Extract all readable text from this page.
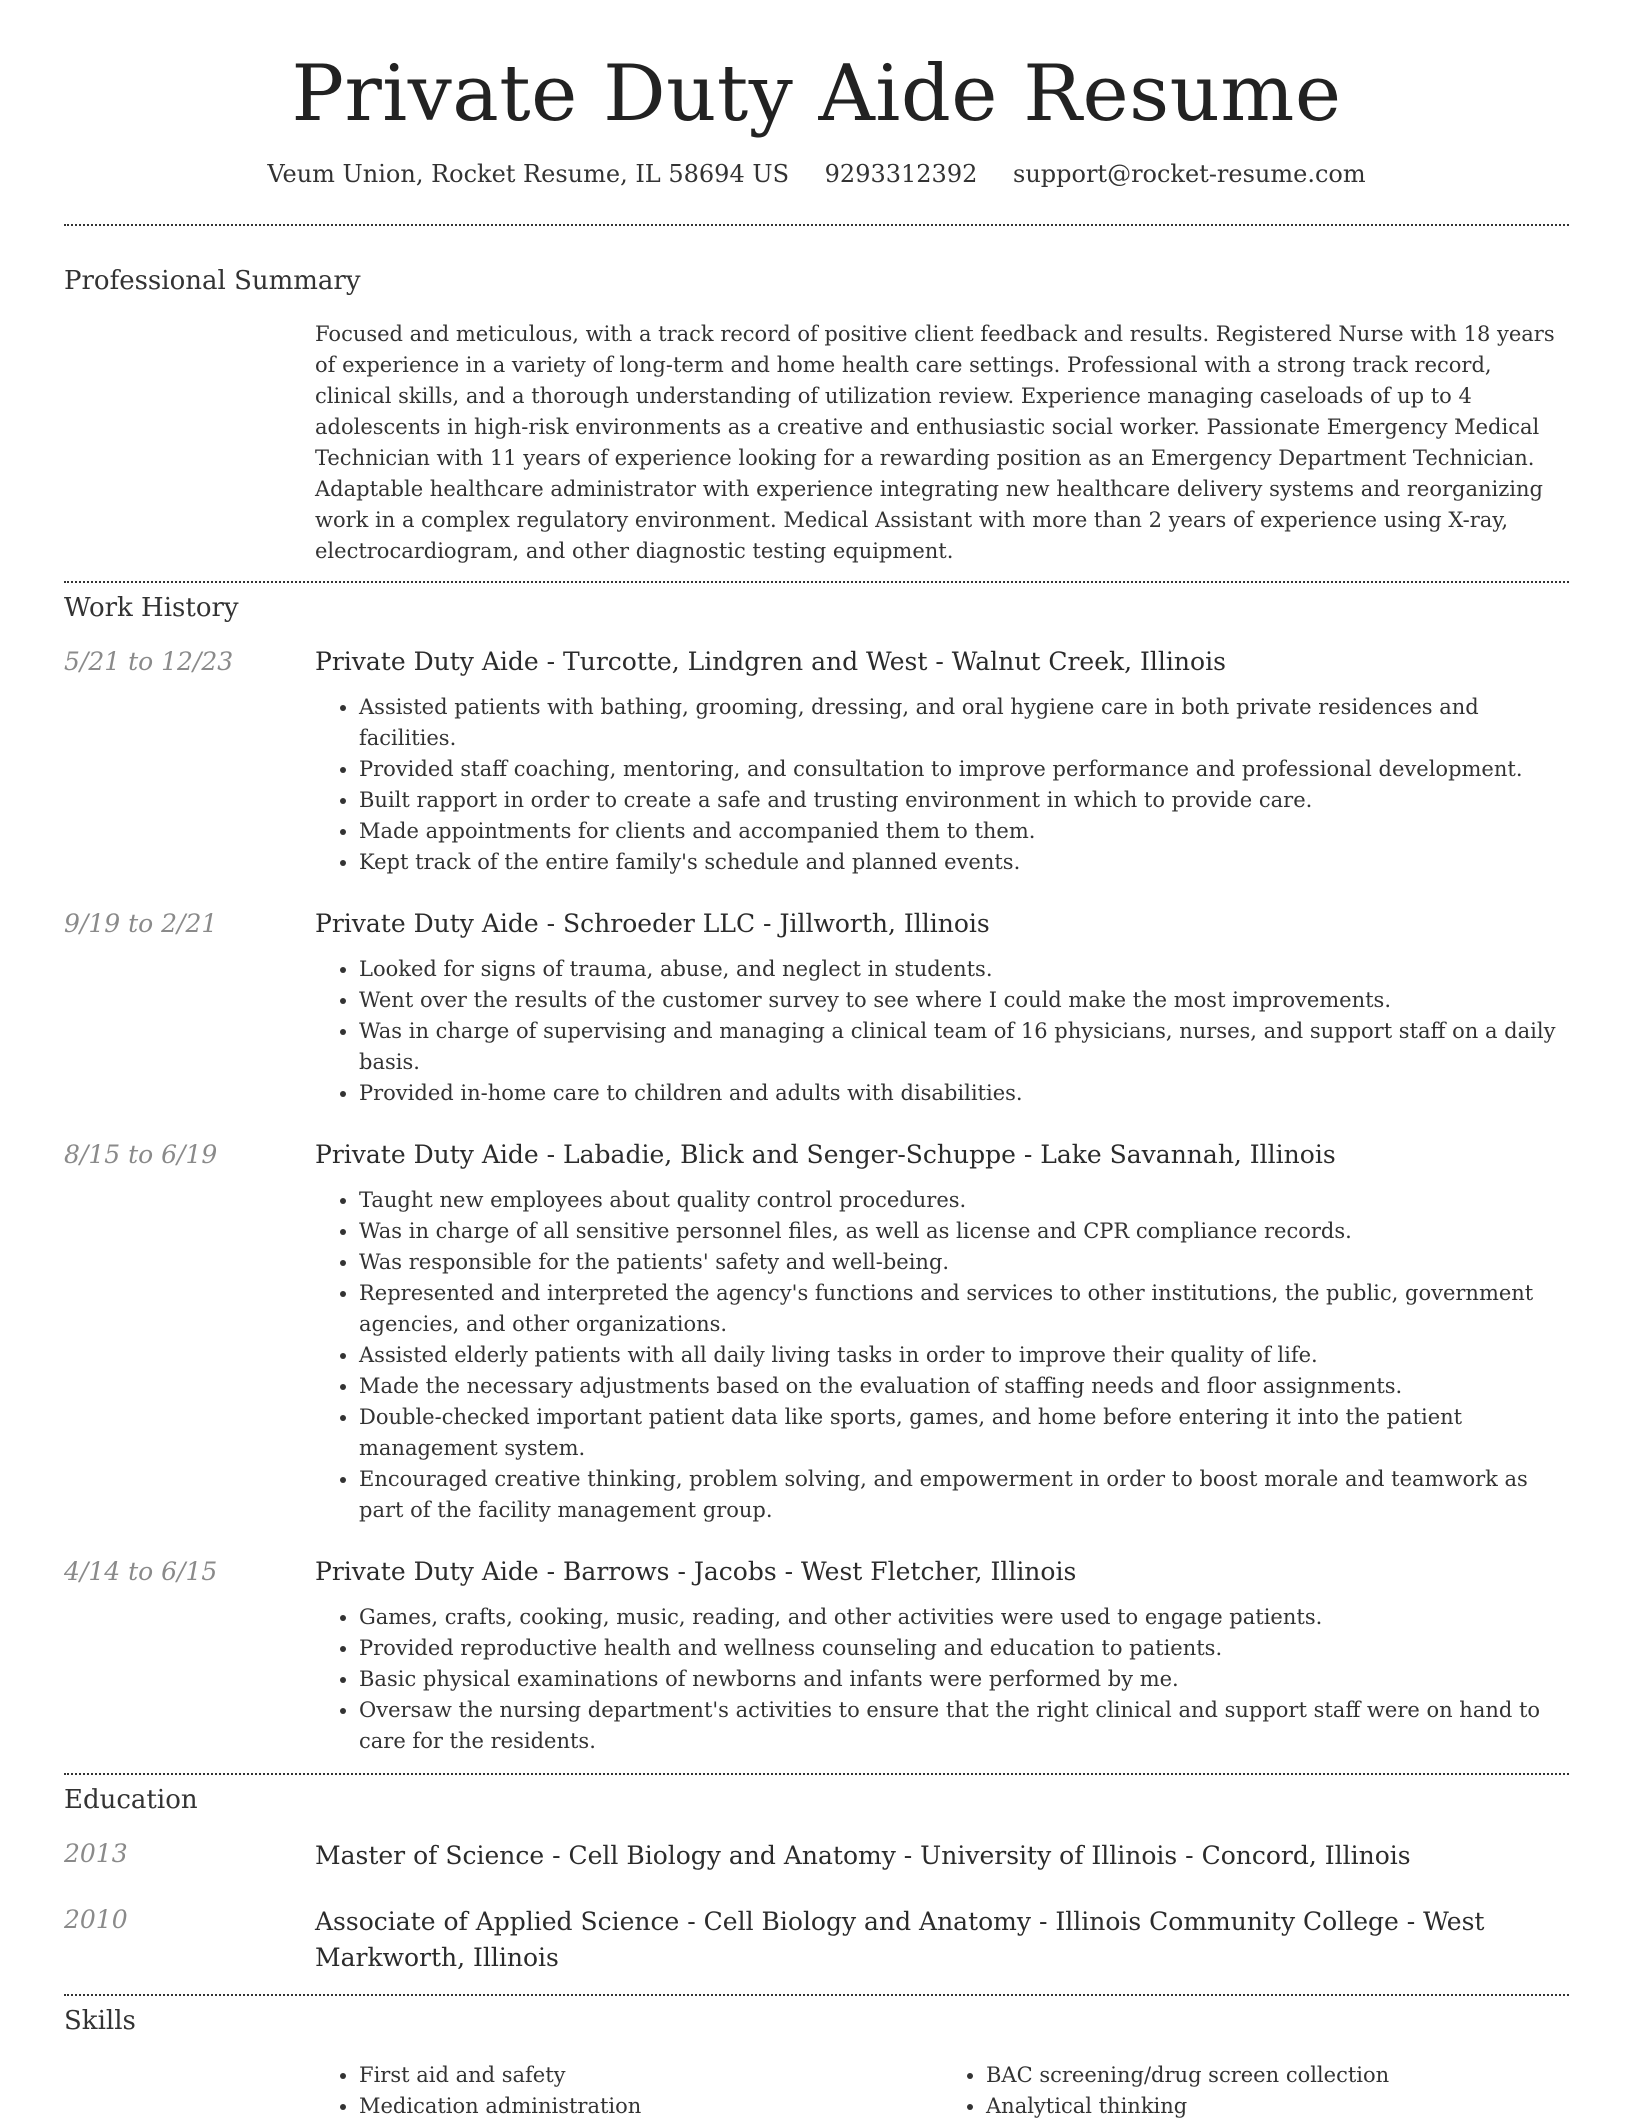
Private Duty Aide Resume
Veum Union, Rocket Resume, IL 58694 US 9293312392 support@rocket-resume.com
Professional Summary

Focused and meticulous, with a track record of positive client feedback and results. Registered Nurse with 18 years of experience in a variety of long-term and home health care settings. Professional with a strong track record, clinical skills, and a thorough understanding of utilization review. Experience managing caseloads of up to 4 adolescents in high-risk environments as a creative and enthusiastic social worker. Passionate Emergency Medical Technician with 11 years of experience looking for a rewarding position as an Emergency Department Technician. Adaptable healthcare administrator with experience integrating new healthcare delivery systems and reorganizing work in a complex regulatory environment. Medical Assistant with more than 2 years of experience using X-ray, electrocardiogram, and other diagnostic testing equipment.

Work History
5/21 to 12/23	Private Duty Aide - Turcotte, Lindgren and West - Walnut Creek, Illinois
• Assisted patients with bathing, grooming, dressing, and oral hygiene care in both private residences and facilities.
• Provided staff coaching, mentoring, and consultation to improve performance and professional development.
• Built rapport in order to create a safe and trusting environment in which to provide care.
• Made appointments for clients and accompanied them to them.
• Kept track of the entire family's schedule and planned events.
9/19 to 2/21	Private Duty Aide - Schroeder LLC - Jillworth, Illinois
• Looked for signs of trauma, abuse, and neglect in students.
• Went over the results of the customer survey to see where I could make the most improvements.
• Was in charge of supervising and managing a clinical team of 16 physicians, nurses, and support staff on a daily basis.
• Provided in-home care to children and adults with disabilities.
8/15 to 6/19	Private Duty Aide - Labadie, Blick and Senger-Schuppe - Lake Savannah, Illinois
• Taught new employees about quality control procedures.
• Was in charge of all sensitive personnel files, as well as license and CPR compliance records.
• Was responsible for the patients' safety and well-being.
• Represented and interpreted the agency's functions and services to other institutions, the public, government agencies, and other organizations.
• Assisted elderly patients with all daily living tasks in order to improve their quality of life.
• Made the necessary adjustments based on the evaluation of staffing needs and floor assignments.
• Double-checked important patient data like sports, games, and home before entering it into the patient management system.
• Encouraged creative thinking, problem solving, and empowerment in order to boost morale and teamwork as part of the facility management group.
4/14 to 6/15	Private Duty Aide - Barrows - Jacobs - West Fletcher, Illinois
• Games, crafts, cooking, music, reading, and other activities were used to engage patients.
• Provided reproductive health and wellness counseling and education to patients.
• Basic physical examinations of newborns and infants were performed by me.
• Oversaw the nursing department's activities to ensure that the right clinical and support staff were on hand to care for the residents.
Education
2013	Master of Science - Cell Biology and Anatomy - University of Illinois - Concord, Illinois
2010	Associate of Applied Science - Cell Biology and Anatomy - Illinois Community College - West Markworth, Illinois
Skills
• First aid and safety
• Medication administration
• BAC screening/drug screen collection
• Analytical thinking
